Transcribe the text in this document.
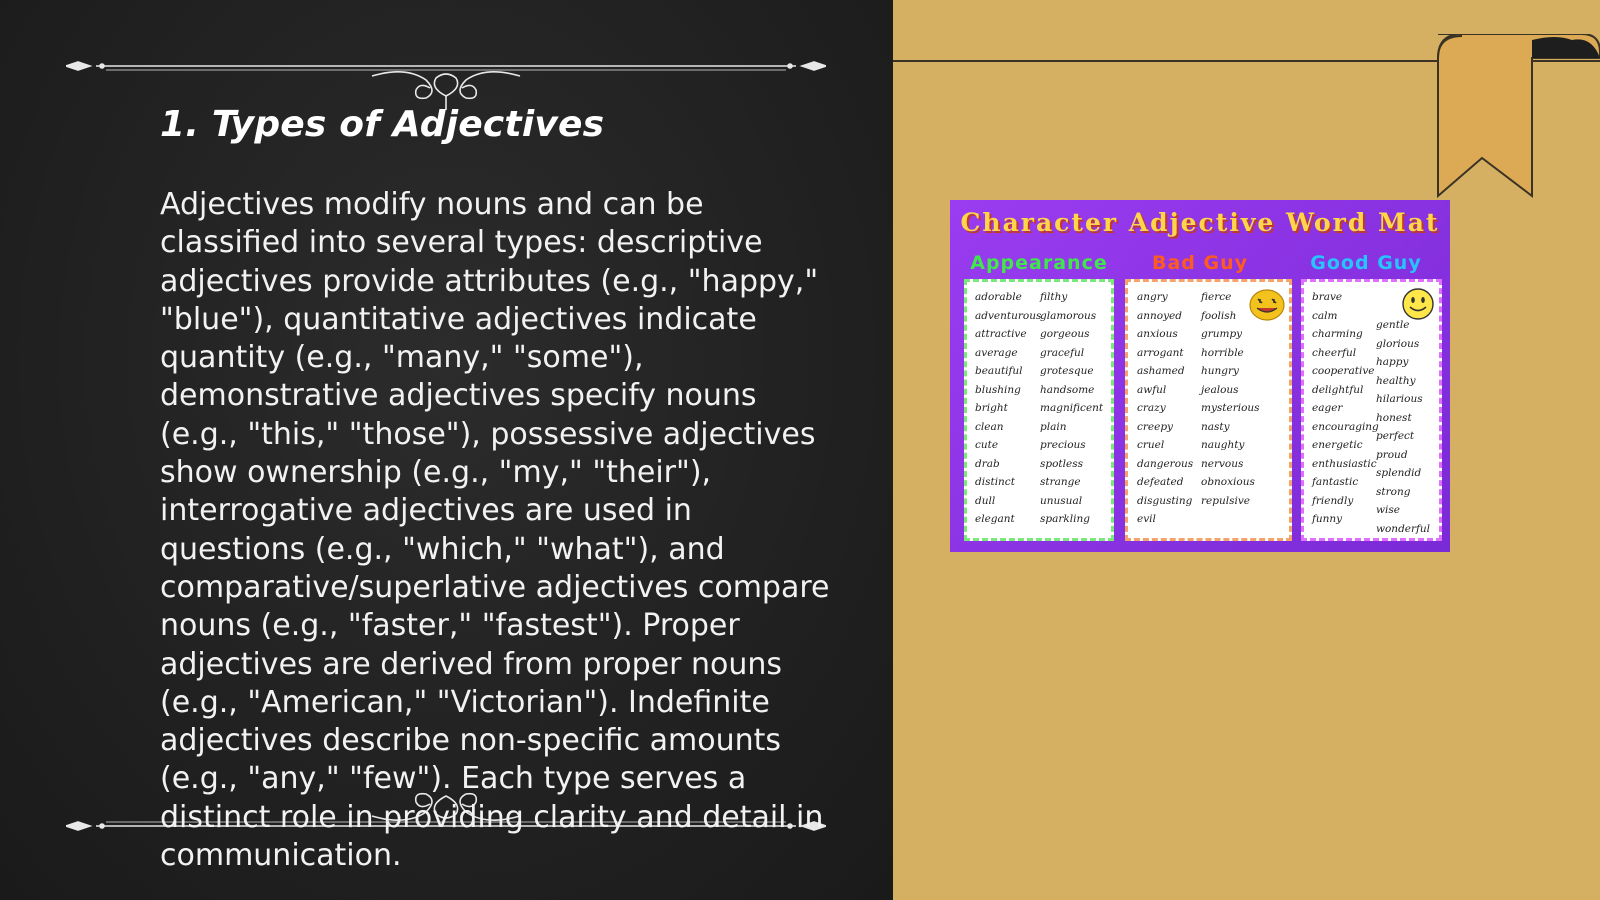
1. Types of Adjectives

Adjectives modify nouns and can be classified into several types: descriptive adjectives provide attributes (e.g., "happy," "blue"), quantitative adjectives indicate quantity (e.g., "many," "some"), demonstrative adjectives specify nouns (e.g., "this," "those"), possessive adjectives show ownership (e.g., "my," "their"), interrogative adjectives are used in questions (e.g., "which," "what"), and comparative/superlative adjectives compare nouns (e.g., "faster," "fastest"). Proper adjectives are derived from proper nouns (e.g., "American," "Victorian"). Indefinite adjectives describe non-specific amounts (e.g., "any," "few"). Each type serves a distinct role in providing clarity and detail in communication.

Character Adjective Word Mat
Appearance	Bad Guy	Good Guy
adorable
adventurous
attractive
average
beautiful
blushing
bright
clean
cute
drab
distinct
dull
elegant
filthy
glamorous
gorgeous
graceful
grotesque
handsome
magnificent
plain
precious
spotless
strange
unusual
sparkling
angry
annoyed
anxious
arrogant
ashamed
awful
crazy
creepy
cruel
dangerous
defeated
disgusting
evil
fierce
foolish
grumpy
horrible
hungry
jealous
mysterious
nasty
naughty
nervous
obnoxious
repulsive
brave
calm
charming
cheerful
cooperative
delightful
eager
encouraging
energetic
enthusiastic
fantastic
friendly
funny
gentle
glorious
happy
healthy
hilarious
honest
perfect
proud
splendid
strong
wise
wonderful
